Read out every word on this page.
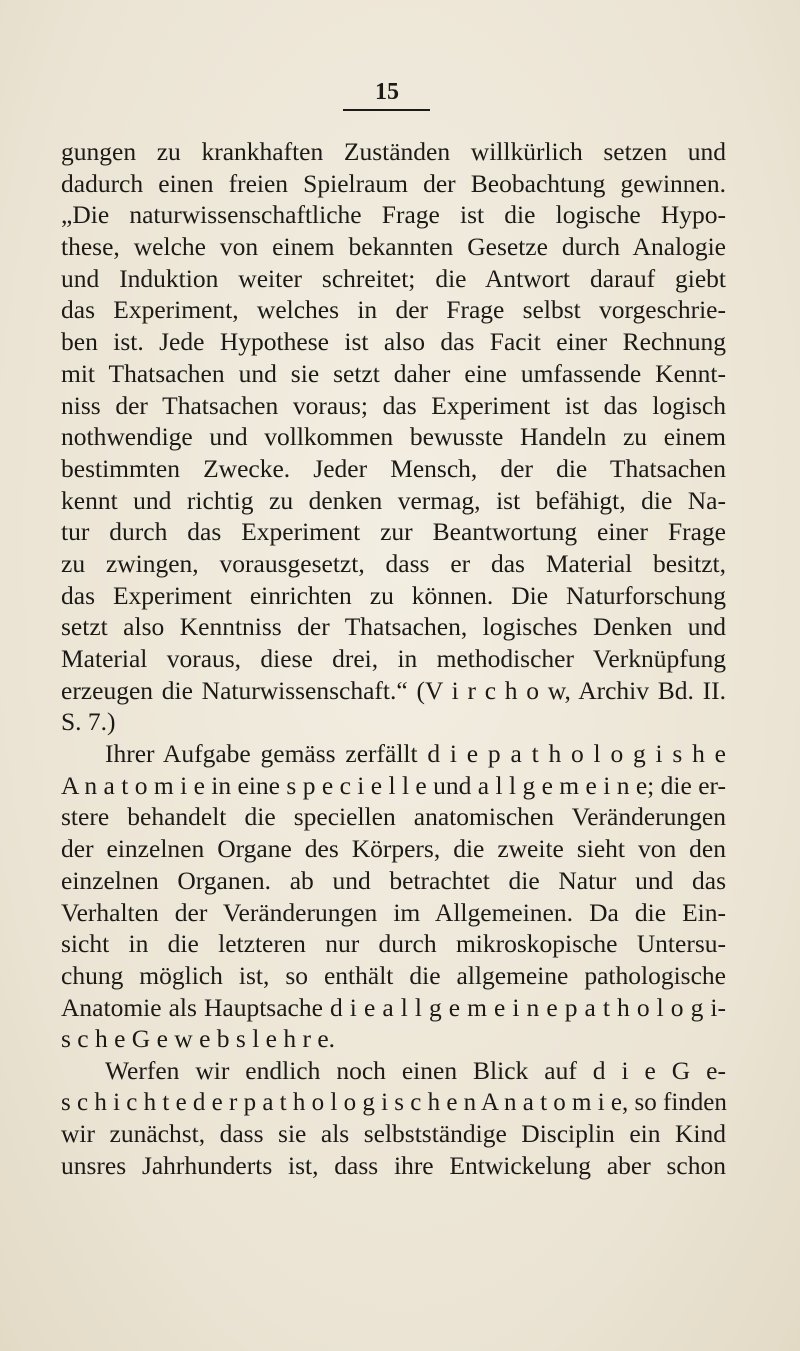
15
gungen zu krankhaften Zuständen willkürlich setzen und
dadurch einen freien Spielraum der Beobachtung gewinnen.
„Die naturwissenschaftliche Frage ist die logische Hypo-
these, welche von einem bekannten Gesetze durch Analogie
und Induktion weiter schreitet; die Antwort darauf giebt
das Experiment, welches in der Frage selbst vorgeschrie-
ben ist. Jede Hypothese ist also das Facit einer Rechnung
mit Thatsachen und sie setzt daher eine umfassende Kennt-
niss der Thatsachen voraus; das Experiment ist das logisch
nothwendige und vollkommen bewusste Handeln zu einem
bestimmten Zwecke. Jeder Mensch, der die Thatsachen
kennt und richtig zu denken vermag, ist befähigt, die Na-
tur durch das Experiment zur Beantwortung einer Frage
zu zwingen, vorausgesetzt, dass er das Material besitzt,
das Experiment einrichten zu können. Die Naturforschung
setzt also Kenntniss der Thatsachen, logisches Denken und
Material voraus, diese drei, in methodischer Verknüpfung
erzeugen die Naturwissenschaft.“ (V i r c h o w, Archiv Bd. II.
S. 7.)
Ihrer Aufgabe gemäss zerfällt d i e p a t h o l o g i s h e
A n a t o m i e in eine s p e c i e l l e und a l l g e m e i n e; die er-
stere behandelt die speciellen anatomischen Veränderungen
der einzelnen Organe des Körpers, die zweite sieht von den
einzelnen Organen. ab und betrachtet die Natur und das
Verhalten der Veränderungen im Allgemeinen. Da die Ein-
sicht in die letzteren nur durch mikroskopische Untersu-
chung möglich ist, so enthält die allgemeine pathologische
Anatomie als Hauptsache d i e a l l g e m e i n e p a t h o l o g i-
s c h e G e w e b s l e h r e.
Werfen wir endlich noch einen Blick auf d i e G e-
s c h i c h t e d e r p a t h o l o g i s c h e n A n a t o m i e, so finden
wir zunächst, dass sie als selbstständige Disciplin ein Kind
unsres Jahrhunderts ist, dass ihre Entwickelung aber schon
